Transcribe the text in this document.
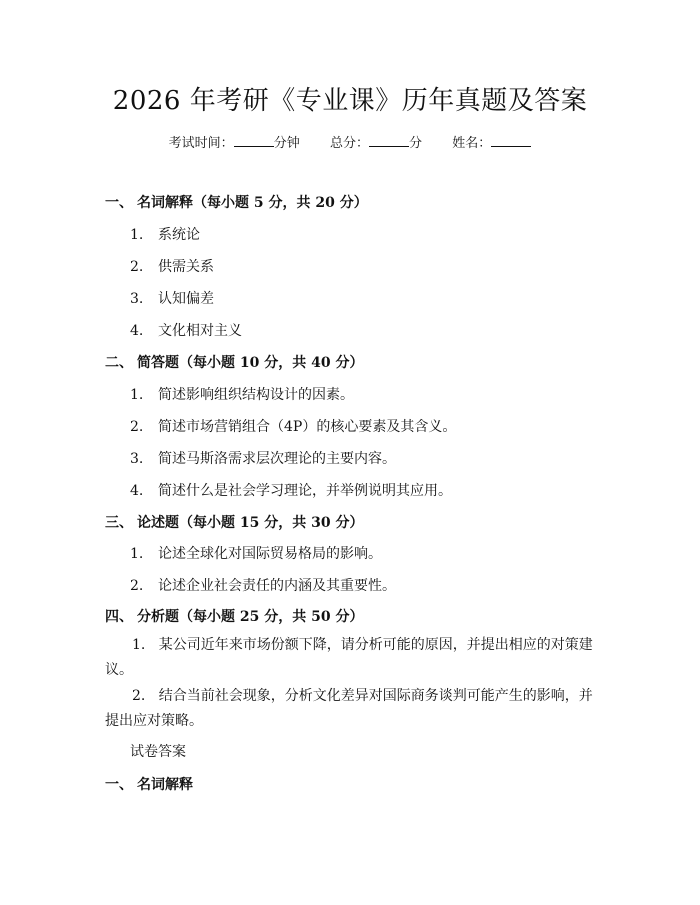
2026 年考研《专业课》历年真题及答案
考试时间：	分钟 总分：	分 姓名：
一、 名词解释（每小题 5 分，共 20 分）
1. 系统论
2. 供需关系
3. 认知偏差
4. 文化相对主义
二、 简答题（每小题 10 分，共 40 分）
1. 简述影响组织结构设计的因素。
2. 简述市场营销组合（4P）的核心要素及其含义。
3. 简述马斯洛需求层次理论的主要内容。
4. 简述什么是社会学习理论，并举例说明其应用。
三、 论述题（每小题 15 分，共 30 分）
1. 论述全球化对国际贸易格局的影响。
2. 论述企业社会责任的内涵及其重要性。
四、 分析题（每小题 25 分，共 50 分）
1. 某公司近年来市场份额下降，请分析可能的原因，并提出相应的对策建议。
2. 结合当前社会现象，分析文化差异对国际商务谈判可能产生的影响，并提出应对策略。
试卷答案
一、 名词解释
